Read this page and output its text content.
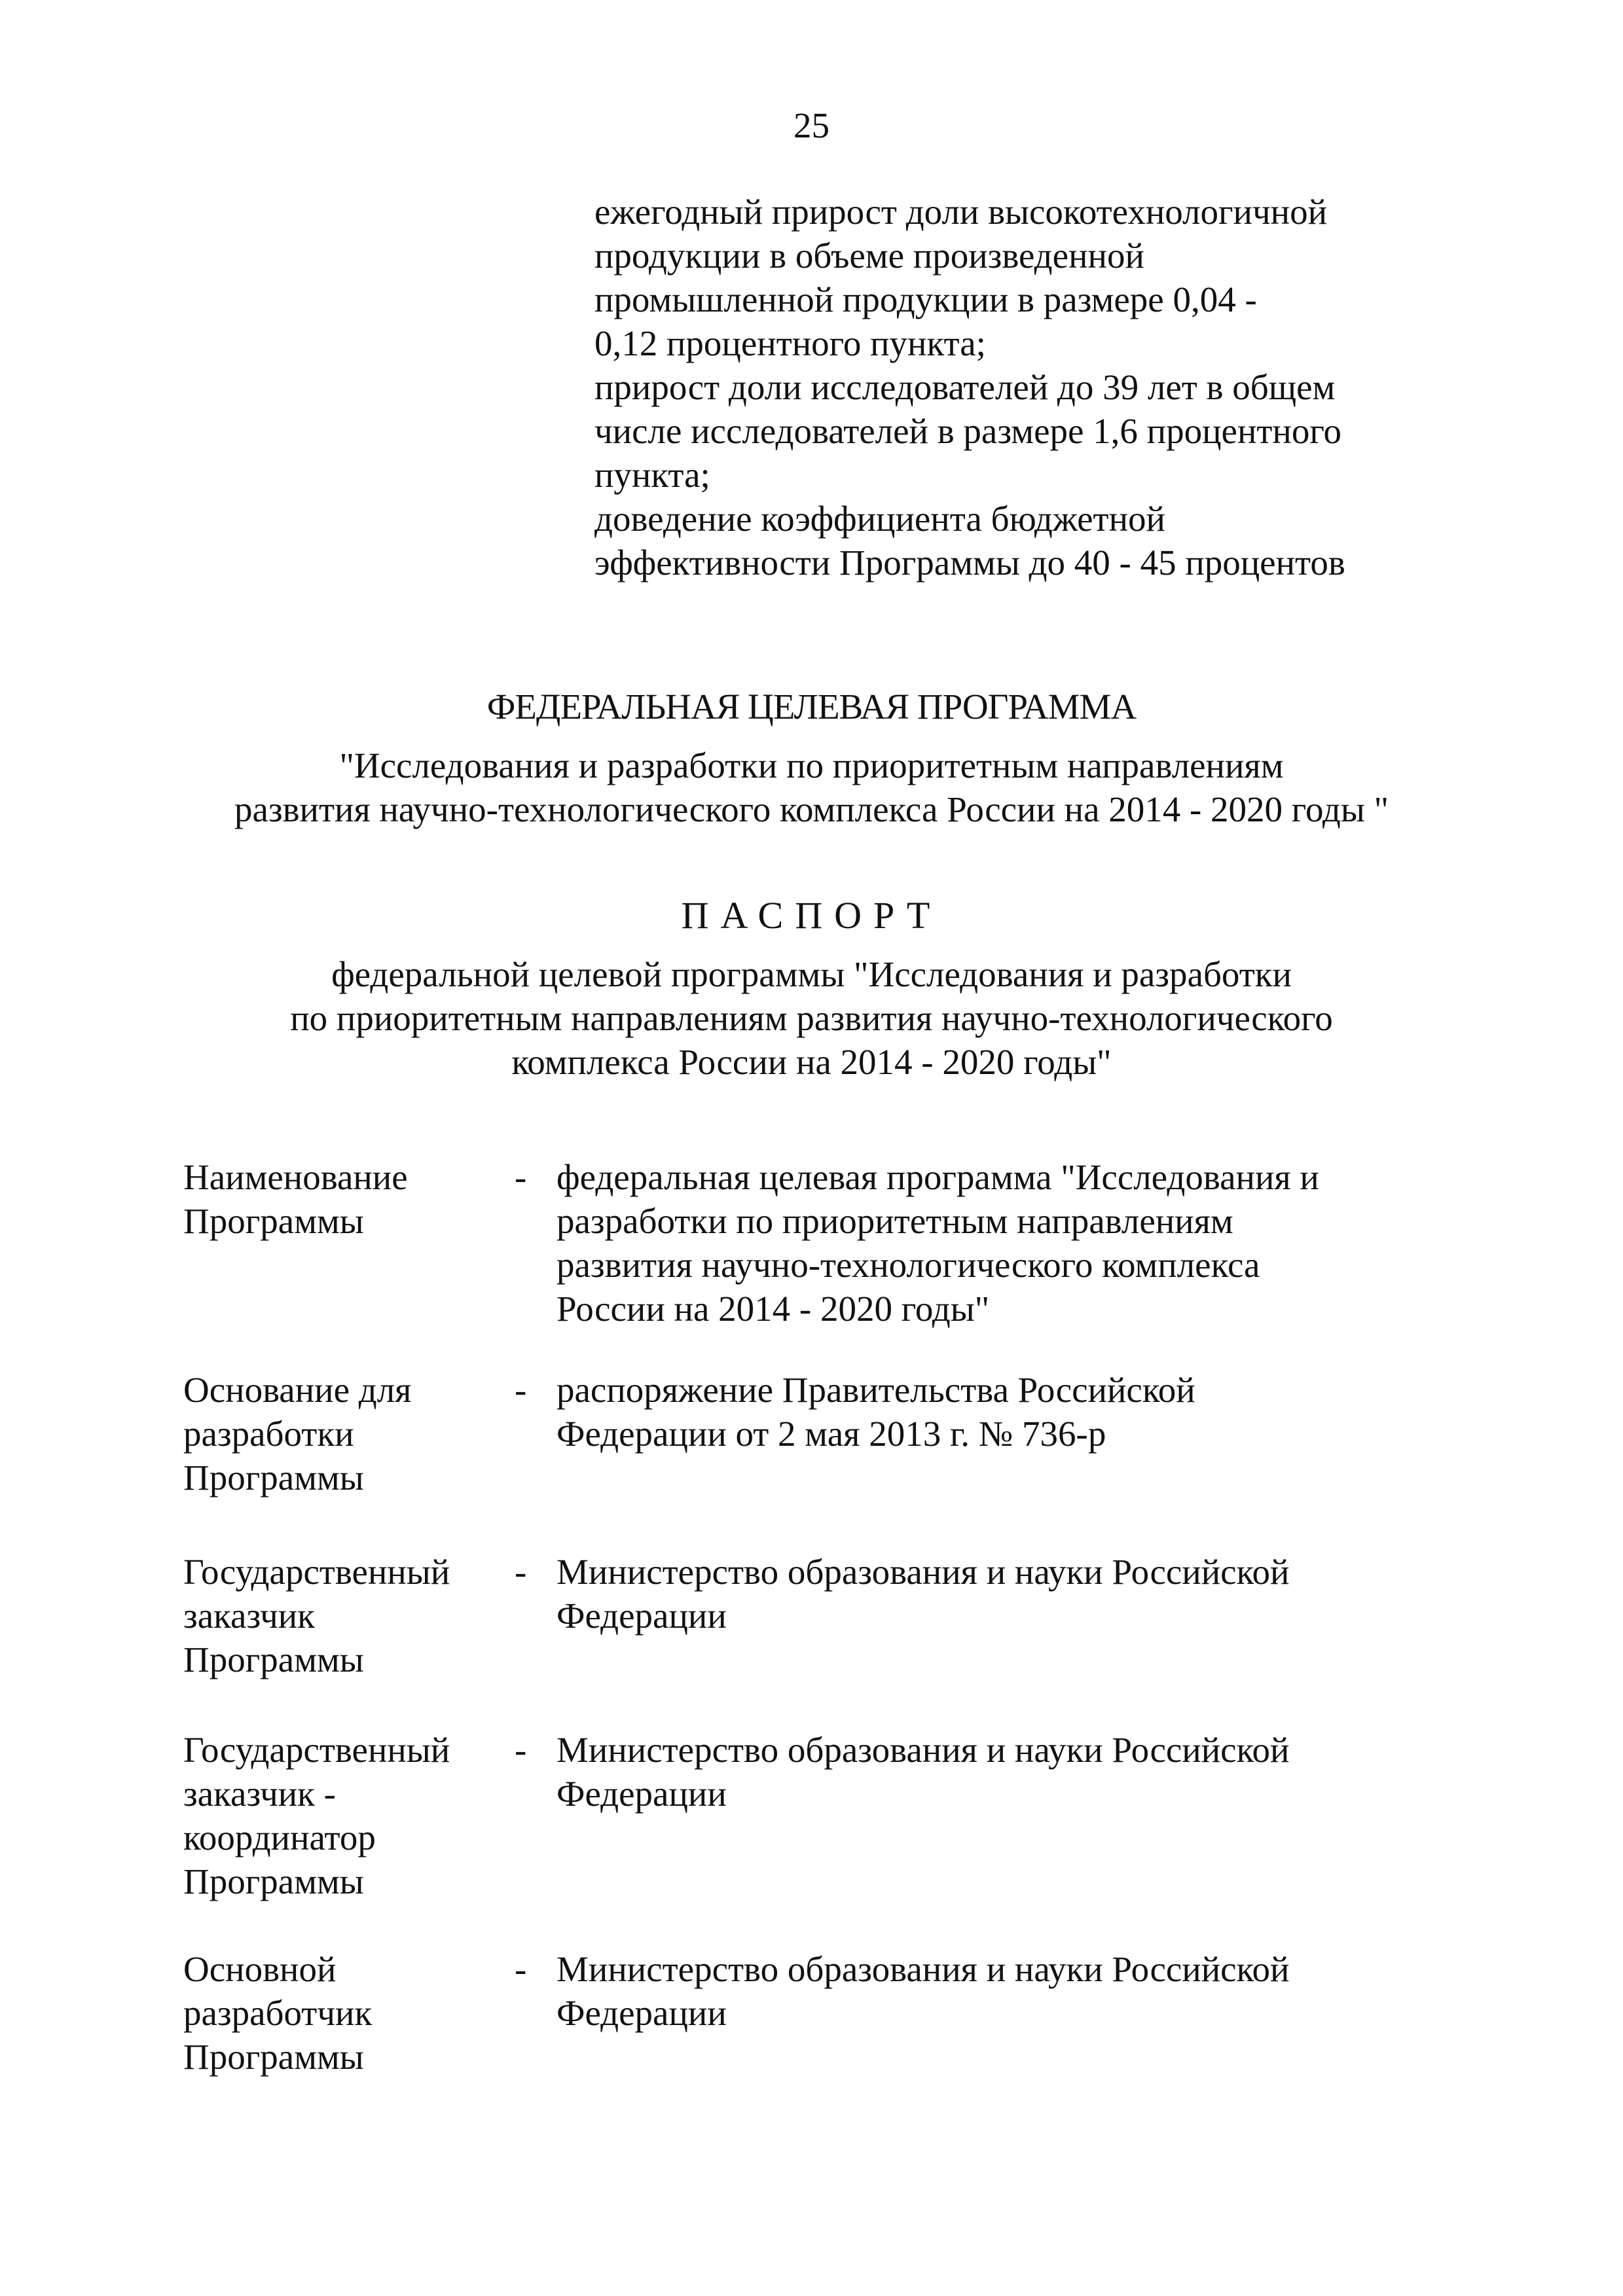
25
ежегодный прирост доли высокотехнологичной
продукции в объеме произведенной
промышленной продукции в размере 0,04 -
0,12 процентного пункта;
прирост доли исследователей до 39 лет в общем
числе исследователей в размере 1,6 процентного
пункта;
доведение коэффициента бюджетной
эффективности Программы до 40 - 45 процентов
ФЕДЕРАЛЬНАЯ ЦЕЛЕВАЯ ПРОГРАММА
"Исследования и разработки по приоритетным направлениям
развития научно-технологического комплекса России на 2014 - 2020 годы "
ПАСПОРТ
федеральной целевой программы "Исследования и разработки
по приоритетным направлениям развития научно-технологического
комплекса России на 2014 - 2020 годы"
Наименование
Программы
- федеральная целевая программа "Исследования и
разработки по приоритетным направлениям
развития научно-технологического комплекса
России на 2014 - 2020 годы"
Основание для
разработки
Программы
- распоряжение Правительства Российской
Федерации от 2 мая 2013 г. № 736-р
Государственный
заказчик
Программы
- Министерство образования и науки Российской
Федерации
Государственный
заказчик -
координатор
Программы
- Министерство образования и науки Российской
Федерации
Основной
разработчик
Программы
- Министерство образования и науки Российской
Федерации
